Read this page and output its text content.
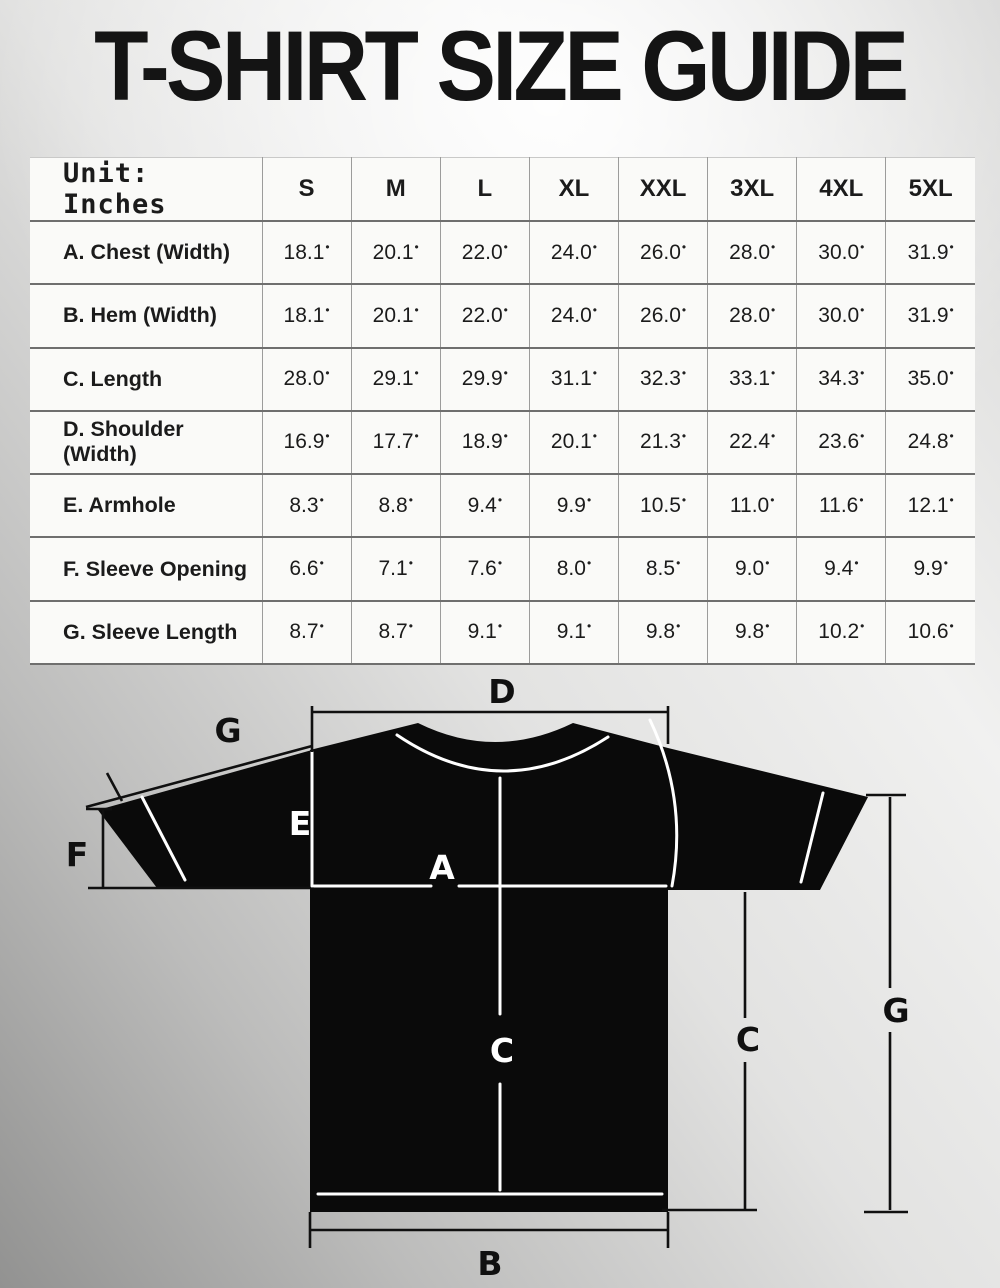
T-SHIRT SIZE GUIDE
Unit: Inches	S	M	L	XL	XXL	3XL	4XL	5XL
A. Chest (Width)	18.1•	20.1•	22.0•	24.0•	26.0•	28.0•	30.0•	31.9•
B. Hem (Width)	18.1•	20.1•	22.0•	24.0•	26.0•	28.0•	30.0•	31.9•
C. Length	28.0•	29.1•	29.9•	31.1•	32.3•	33.1•	34.3•	35.0•
D. Shoulder (Width)	16.9•	17.7•	18.9•	20.1•	21.3•	22.4•	23.6•	24.8•
E. Armhole	8.3•	8.8•	9.4•	9.9•	10.5•	11.0•	11.6•	12.1•
F. Sleeve Opening	6.6•	7.1•	7.6•	8.0•	8.5•	9.0•	9.4•	9.9•
G. Sleeve Length	8.7•	8.7•	9.1•	9.1•	9.8•	9.8•	10.2•	10.6•
D
G
F
E
A
C	C
G
B
